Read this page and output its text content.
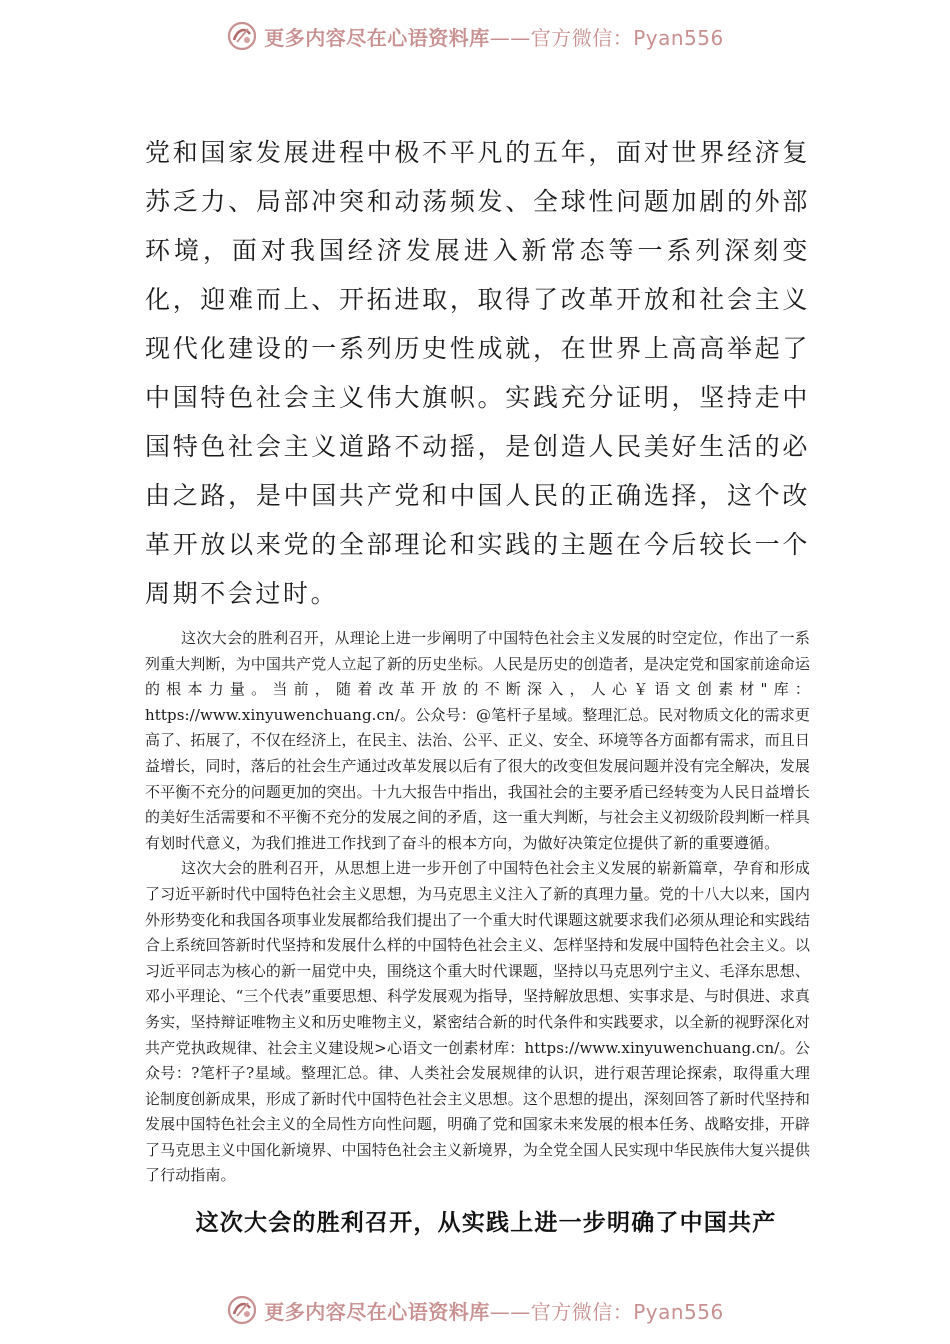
更多内容尽在心语资料库——官方微信：Pyan556

党和国家发展进程中极不平凡的五年，面对世界经济复苏乏力、局部冲突和动荡频发、全球性问题加剧的外部环境，面对我国经济发展进入新常态等一系列深刻变化，迎难而上、开拓进取，取得了改革开放和社会主义现代化建设的一系列历史性成就，在世界上高高举起了中国特色社会主义伟大旗帜。实践充分证明，坚持走中国特色社会主义道路不动摇，是创造人民美好生活的必由之路，是中国共产党和中国人民的正确选择，这个改革开放以来党的全部理论和实践的主题在今后较长一个周期不会过时。

这次大会的胜利召开，从理论上进一步阐明了中国特色社会主义发展的时空定位，作出了一系列重大判断，为中国共产党人立起了新的历史坐标。人民是历史的创造者，是决定党和国家前途命运的根本力量。当前，随着改革开放的不断深入，人心￥语文创素材"库：https://www.xinyuwenchuang.cn/。公众号：@笔杆子星域。整理汇总。民对物质文化的需求更高了、拓展了，不仅在经济上，在民主、法治、公平、正义、安全、环境等各方面都有需求，而且日益增长，同时，落后的社会生产通过改革发展以后有了很大的改变但发展问题并没有完全解决，发展不平衡不充分的问题更加的突出。十九大报告中指出，我国社会的主要矛盾已经转变为人民日益增长的美好生活需要和不平衡不充分的发展之间的矛盾，这一重大判断，与社会主义初级阶段判断一样具有划时代意义，为我们推进工作找到了奋斗的根本方向，为做好决策定位提供了新的重要遵循。

这次大会的胜利召开，从思想上进一步开创了中国特色社会主义发展的崭新篇章，孕育和形成了习近平新时代中国特色社会主义思想，为马克思主义注入了新的真理力量。党的十八大以来，国内外形势变化和我国各项事业发展都给我们提出了一个重大时代课题这就要求我们必须从理论和实践结合上系统回答新时代坚持和发展什么样的中国特色社会主义、怎样坚持和发展中国特色社会主义。以习近平同志为核心的新一届党中央，围绕这个重大时代课题，坚持以马克思列宁主义、毛泽东思想、邓小平理论、“三个代表”重要思想、科学发展观为指导，坚持解放思想、实事求是、与时俱进、求真务实，坚持辩证唯物主义和历史唯物主义，紧密结合新的时代条件和实践要求，以全新的视野深化对共产党执政规律、社会主义建设规>心语文一创素材库：https://www.xinyuwenchuang.cn/。公众号：?笔杆子?星域。整理汇总。律、人类社会发展规律的认识，进行艰苦理论探索，取得重大理论制度创新成果，形成了新时代中国特色社会主义思想。这个思想的提出，深刻回答了新时代坚持和发展中国特色社会主义的全局性方向性问题，明确了党和国家未来发展的根本任务、战略安排，开辟了马克思主义中国化新境界、中国特色社会主义新境界，为全党全国人民实现中华民族伟大复兴提供了行动指南。

这次大会的胜利召开，从实践上进一步明确了中国共产

更多内容尽在心语资料库——官方微信：Pyan556
